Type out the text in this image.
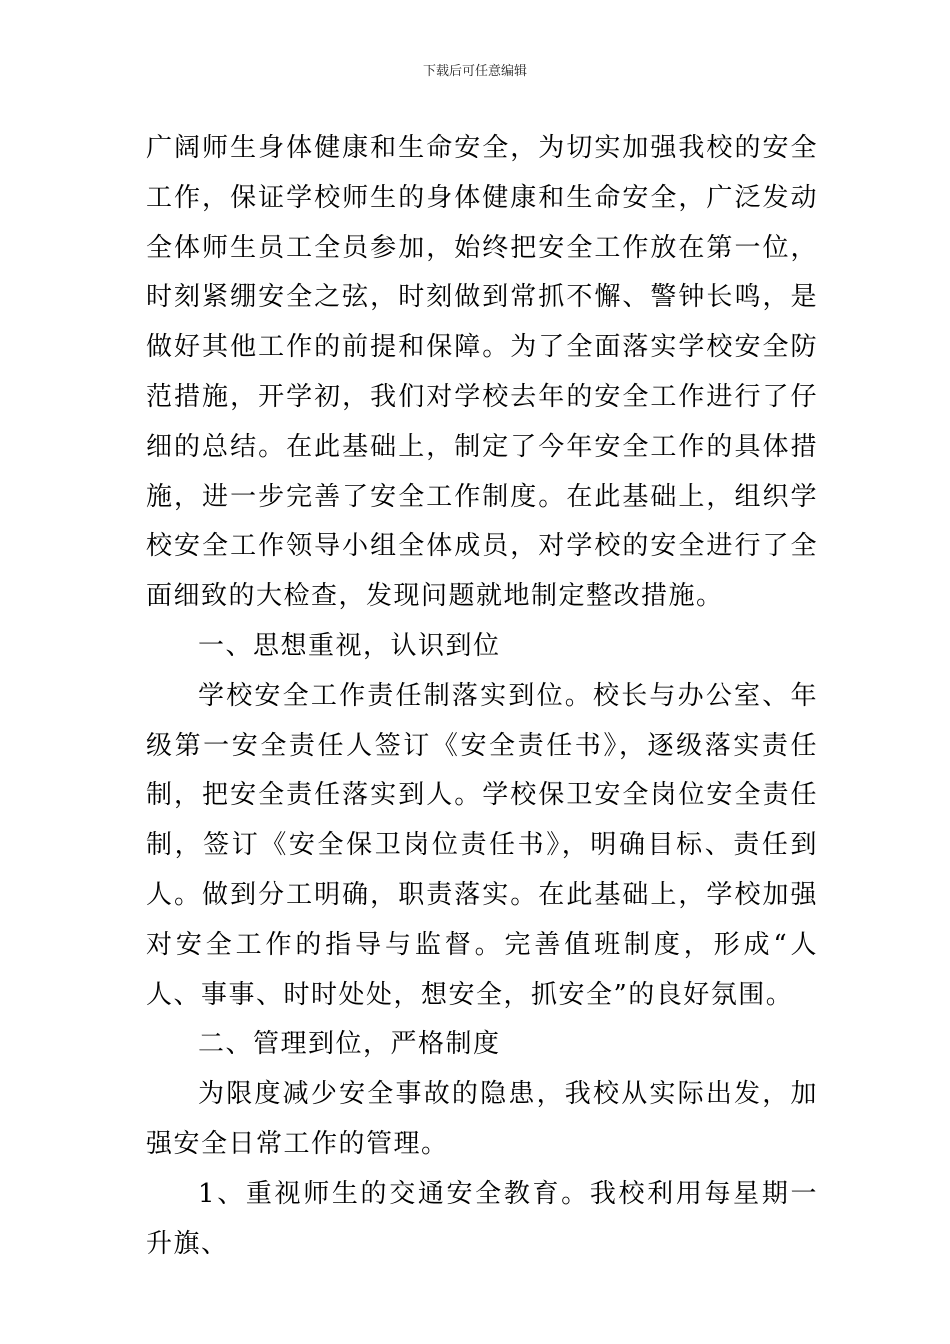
下载后可任意编辑

广阔师生身体健康和生命安全，为切实加强我校的安全工作，保证学校师生的身体健康和生命安全，广泛发动全体师生员工全员参加，始终把安全工作放在第一位，时刻紧绷安全之弦，时刻做到常抓不懈、警钟长鸣，是做好其他工作的前提和保障。为了全面落实学校安全防范措施，开学初，我们对学校去年的安全工作进行了仔细的总结。在此基础上，制定了今年安全工作的具体措施，进一步完善了安全工作制度。在此基础上，组织学校安全工作领导小组全体成员，对学校的安全进行了全面细致的大检查，发现问题就地制定整改措施。

一、思想重视，认识到位

学校安全工作责任制落实到位。校长与办公室、年级第一安全责任人签订《安全责任书》，逐级落实责任制，把安全责任落实到人。学校保卫安全岗位安全责任制，签订《安全保卫岗位责任书》，明确目标、责任到人。做到分工明确，职责落实。在此基础上，学校加强对安全工作的指导与监督。完善值班制度，形成“人人、事事、时时处处，想安全，抓安全”的良好氛围。

二、管理到位，严格制度

为限度减少安全事故的隐患，我校从实际出发，加强安全日常工作的管理。

1、重视师生的交通安全教育。我校利用每星期一升旗、
